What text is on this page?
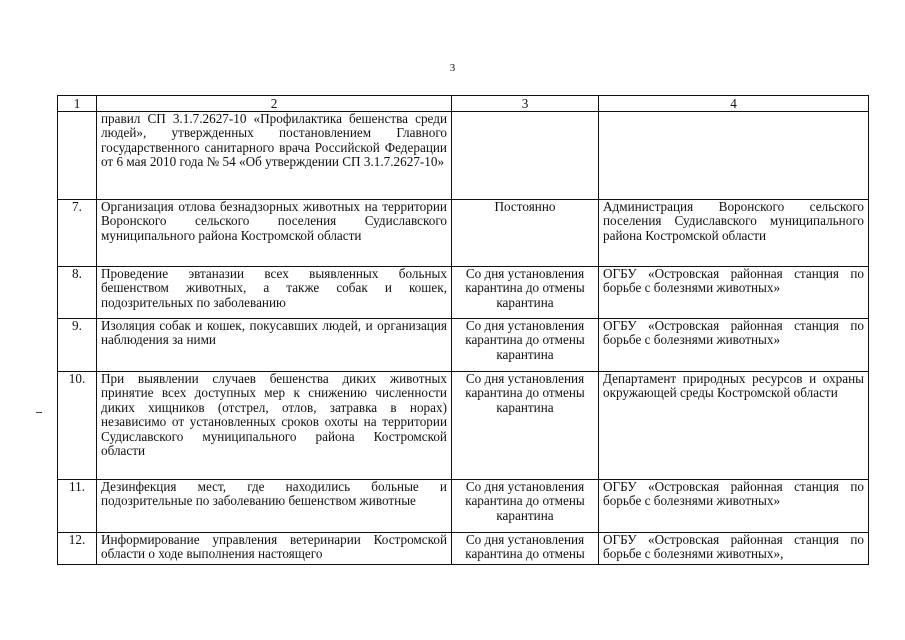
3
1	2	3	4
	правил СП 3.1.7.2627-10 «Профилактика бешенства среди людей», утвержденных постановлением Главного государственного санитарного врача Российской Федерации от 6 мая 2010 года № 54 «Об утверждении СП 3.1.7.2627-10»		
7.	Организация отлова безнадзорных животных на территории Воронского сельского поселения Судиславского муниципального района Костромской области	Постоянно	Администрация Воронского сельского поселения Судиславского муниципального района Костромской области
8.	Проведение эвтаназии всех выявленных больных бешенством животных, а также собак и кошек, подозрительных по заболеванию	Со дня установления карантина до отмены карантина	ОГБУ «Островская районная станция по борьбе с болезнями животных»
9.	Изоляция собак и кошек, покусавших людей, и организация наблюдения за ними	Со дня установления карантина до отмены карантина	ОГБУ «Островская районная станция по борьбе с болезнями животных»
10.	При выявлении случаев бешенства диких животных принятие всех доступных мер к снижению численности диких хищников (отстрел, отлов, затравка в норах) независимо от установленных сроков охоты на территории Судиславского муниципального района Костромской области	Со дня установления карантина до отмены карантина	Департамент природных ресурсов и охраны окружающей среды Костромской области
11.	Дезинфекция мест, где находились больные и подозрительные по заболеванию бешенством животные	Со дня установления карантина до отмены карантина	ОГБУ «Островская районная станция по борьбе с болезнями животных»
12.	Информирование управления ветеринарии Костромской области о ходе выполнения настоящего	Со дня установления карантина до отмены	ОГБУ «Островская районная станция по борьбе с болезнями животных»,
